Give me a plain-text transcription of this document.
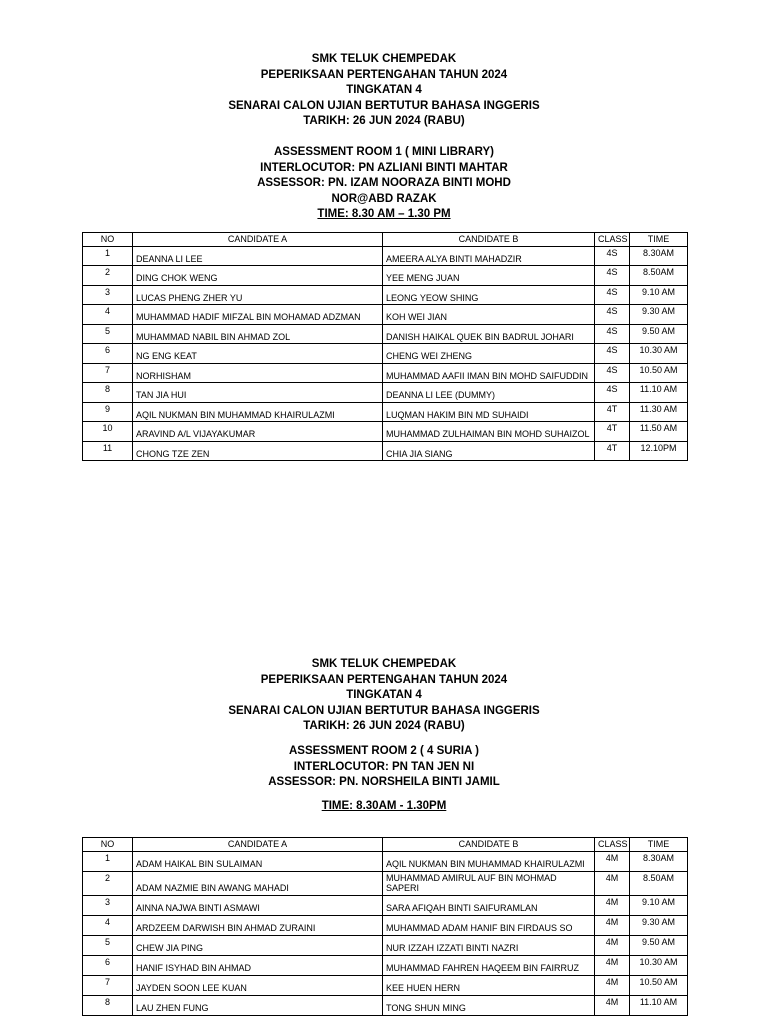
SMK TELUK CHEMPEDAK
PEPERIKSAAN PERTENGAHAN TAHUN 2024
TINGKATAN 4
SENARAI CALON UJIAN BERTUTUR BAHASA INGGERIS
TARIKH: 26 JUN 2024 (RABU)
ASSESSMENT ROOM 1 ( MINI LIBRARY)
INTERLOCUTOR: PN AZLIANI BINTI MAHTAR
ASSESSOR: PN. IZAM NOORAZA BINTI MOHD
NOR@ABD RAZAK
TIME: 8.30 AM – 1.30 PM
NO	CANDIDATE A	CANDIDATE B	CLASS	TIME
1	DEANNA LI LEE	AMEERA ALYA BINTI MAHADZIR	4S	8.30AM
2	DING CHOK WENG	YEE MENG JUAN	4S	8.50AM
3	LUCAS PHENG ZHER YU	LEONG YEOW SHING	4S	9.10 AM
4	MUHAMMAD HADIF MIFZAL BIN MOHAMAD ADZMAN	KOH WEI JIAN	4S	9.30 AM
5	MUHAMMAD NABIL BIN AHMAD ZOL	DANISH HAIKAL QUEK BIN BADRUL JOHARI	4S	9.50 AM
6	NG ENG KEAT	CHENG WEI ZHENG	4S	10.30 AM
7	NORHISHAM	MUHAMMAD AAFII IMAN BIN MOHD SAIFUDDIN	4S	10.50 AM
8	TAN JIA HUI	DEANNA LI LEE (DUMMY)	4S	11.10 AM
9	AQIL NUKMAN BIN MUHAMMAD KHAIRULAZMI	LUQMAN HAKIM BIN MD SUHAIDI	4T	11.30 AM
10	ARAVIND A/L VIJAYAKUMAR	MUHAMMAD ZULHAIMAN BIN MOHD SUHAIZOL	4T	11.50 AM
11	CHONG TZE ZEN	CHIA JIA SIANG	4T	12.10PM
SMK TELUK CHEMPEDAK
PEPERIKSAAN PERTENGAHAN TAHUN 2024
TINGKATAN 4
SENARAI CALON UJIAN BERTUTUR BAHASA INGGERIS
TARIKH: 26 JUN 2024 (RABU)
ASSESSMENT ROOM 2 ( 4 SURIA )
INTERLOCUTOR: PN TAN JEN NI
ASSESSOR: PN. NORSHEILA BINTI JAMIL
TIME: 8.30AM - 1.30PM
NO	CANDIDATE A	CANDIDATE B	CLASS	TIME
1	ADAM HAIKAL BIN SULAIMAN	AQIL NUKMAN BIN MUHAMMAD KHAIRULAZMI	4M	8.30AM
2	ADAM NAZMIE BIN AWANG MAHADI	MUHAMMAD AMIRUL AUF BIN MOHMAD SAPERI	4M	8.50AM
3	AINNA NAJWA BINTI ASMAWI	SARA AFIQAH BINTI SAIFURAMLAN	4M	9.10 AM
4	ARDZEEM DARWISH BIN AHMAD ZURAINI	MUHAMMAD ADAM HANIF BIN FIRDAUS SO	4M	9.30 AM
5	CHEW JIA PING	NUR IZZAH IZZATI BINTI NAZRI	4M	9.50 AM
6	HANIF ISYHAD BIN AHMAD	MUHAMMAD FAHREN HAQEEM BIN FAIRRUZ	4M	10.30 AM
7	JAYDEN SOON LEE KUAN	KEE HUEN HERN	4M	10.50 AM
8	LAU ZHEN FUNG	TONG SHUN MING	4M	11.10 AM
